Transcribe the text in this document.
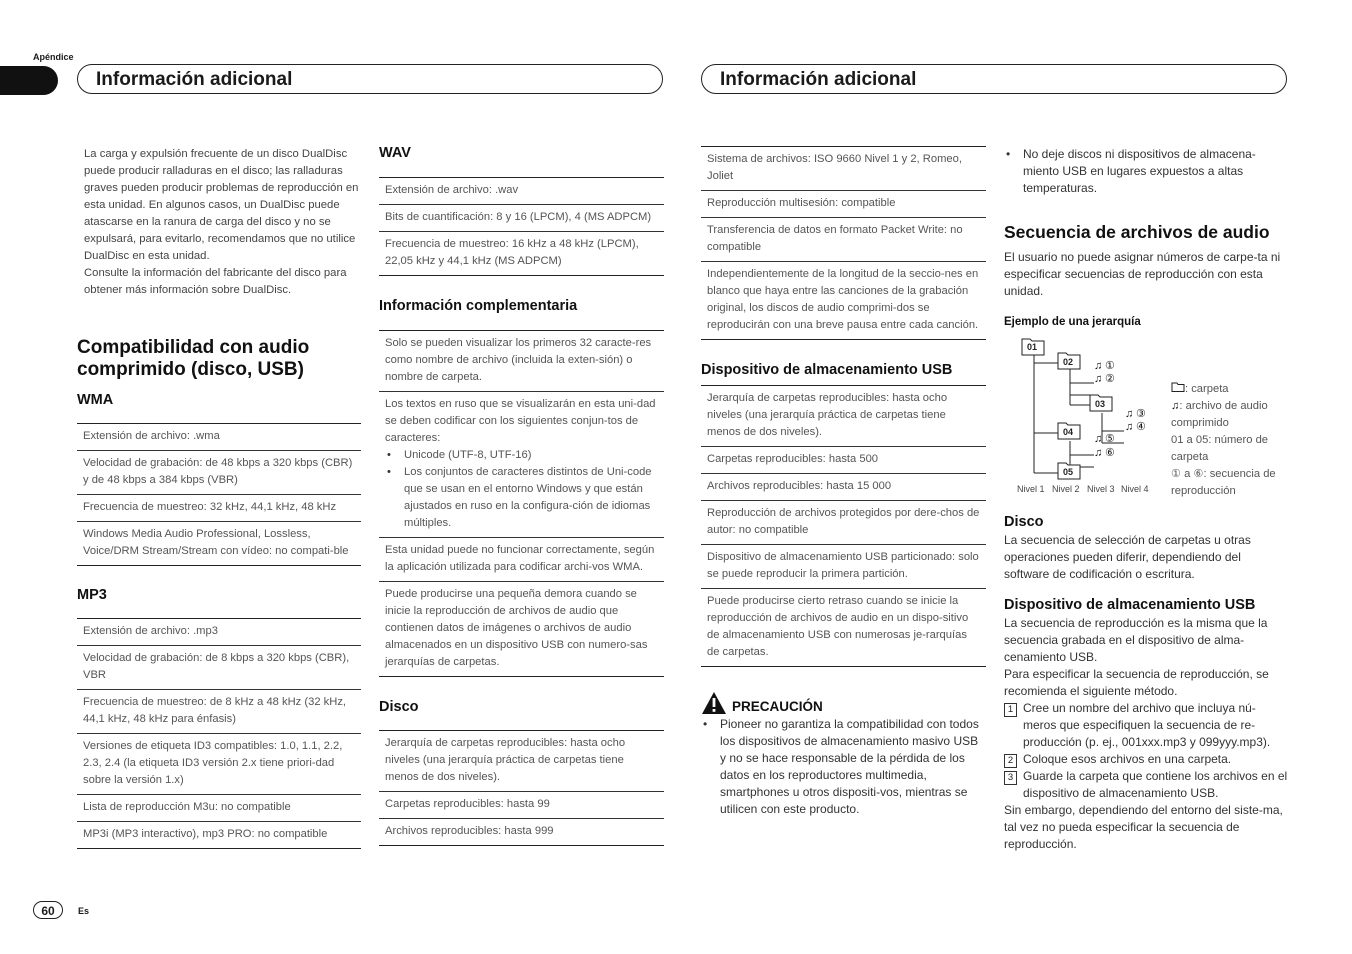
Apéndice
Información adicional	Información adicional

La carga y expulsión frecuente de un disco DualDisc puede producir ralladuras en el disco; las ralladuras graves pueden producir problemas de reproducción en esta unidad. En algunos casos, un DualDisc puede atascarse en la ranura de carga del disco y no se expulsará, para evitarlo, recomendamos que no utilice DualDisc en esta unidad.

Consulte la información del fabricante del disco para obtener más información sobre DualDisc.

Compatibilidad con audio comprimido (disco, USB)
WMA
Extensión de archivo: .wma
Velocidad de grabación: de 48 kbps a 320 kbps (CBR) y de 48 kbps a 384 kbps (VBR)
Frecuencia de muestreo: 32 kHz, 44,1 kHz, 48 kHz
Windows Media Audio Professional, Lossless, Voice/DRM Stream/Stream con vídeo: no compati-ble
MP3
Extensión de archivo: .mp3
Velocidad de grabación: de 8 kbps a 320 kbps (CBR), VBR
Frecuencia de muestreo: de 8 kHz a 48 kHz (32 kHz, 44,1 kHz, 48 kHz para énfasis)
Versiones de etiqueta ID3 compatibles: 1.0, 1.1, 2.2, 2.3, 2.4 (la etiqueta ID3 versión 2.x tiene priori-dad sobre la versión 1.x)
Lista de reproducción M3u: no compatible
MP3i (MP3 interactivo), mp3 PRO: no compatible
WAV
Extensión de archivo: .wav
Bits de cuantificación: 8 y 16 (LPCM), 4 (MS ADPCM)
Frecuencia de muestreo: 16 kHz a 48 kHz (LPCM), 22,05 kHz y 44,1 kHz (MS ADPCM)
Información complementaria
Solo se pueden visualizar los primeros 32 caracte-res como nombre de archivo (incluida la exten-sión) o nombre de carpeta.
Los textos en ruso que se visualizarán en esta uni-dad se deben codificar con los siguientes conjun-tos de caracteres:
• Unicode (UTF-8, UTF-16)
• Los conjuntos de caracteres distintos de Uni-code que se usan en el entorno Windows y que están ajustados en ruso en la configura-ción de idiomas múltiples.
Esta unidad puede no funcionar correctamente, según la aplicación utilizada para codificar archi-vos WMA.
Puede producirse una pequeña demora cuando se inicie la reproducción de archivos de audio que contienen datos de imágenes o archivos de audio almacenados en un dispositivo USB con numero-sas jerarquías de carpetas.
Disco
Jerarquía de carpetas reproducibles: hasta ocho niveles (una jerarquía práctica de carpetas tiene menos de dos niveles).
Carpetas reproducibles: hasta 99
Archivos reproducibles: hasta 999
Sistema de archivos: ISO 9660 Nivel 1 y 2, Romeo, Joliet
Reproducción multisesión: compatible
Transferencia de datos en formato Packet Write: no compatible
Independientemente de la longitud de la seccio-nes en blanco que haya entre las canciones de la grabación original, los discos de audio comprimi-dos se reproducirán con una breve pausa entre cada canción.
Dispositivo de almacenamiento USB
Jerarquía de carpetas reproducibles: hasta ocho niveles (una jerarquía práctica de carpetas tiene menos de dos niveles).
Carpetas reproducibles: hasta 500
Archivos reproducibles: hasta 15 000
Reproducción de archivos protegidos por dere-chos de autor: no compatible
Dispositivo de almacenamiento USB particionado: solo se puede reproducir la primera partición.
Puede producirse cierto retraso cuando se inicie la reproducción de archivos de audio en un dispo-sitivo de almacenamiento USB con numerosas je-rarquías de carpetas.
PRECAUCIÓN
• Pioneer no garantiza la compatibilidad con todos los dispositivos de almacenamiento masivo USB y no se hace responsable de la pérdida de los datos en los reproductores multimedia, smartphones u otros dispositi-vos, mientras se utilicen con este producto.
• No deje discos ni dispositivos de almacena-miento USB en lugares expuestos a altas temperaturas.
Secuencia de archivos de audio

El usuario no puede asignar números de carpe-ta ni especificar secuencias de reproducción con esta unidad.

Ejemplo de una jerarquía
01
02
03
04
05
♫ ①
♫ ②
♫ ③
♫ ④
♫ ⑤
♫ ⑥
Nivel 1 Nivel 2 Nivel 3 Nivel 4
: carpeta
♫: archivo de audio comprimido
01 a 05: número de carpeta
① a ⑥: secuencia de reproducción
Disco

La secuencia de selección de carpetas u otras operaciones pueden diferir, dependiendo del software de codificación o escritura.

Dispositivo de almacenamiento USB

La secuencia de reproducción es la misma que la secuencia grabada en el dispositivo de alma-cenamiento USB.

Para especificar la secuencia de reproducción, se recomienda el siguiente método.

1 Cree un nombre del archivo que incluya nú-meros que especifiquen la secuencia de re-producción (p. ej., 001xxx.mp3 y 099yyy.mp3).
2 Coloque esos archivos en una carpeta.
3 Guarde la carpeta que contiene los archivos en el dispositivo de almacenamiento USB.

Sin embargo, dependiendo del entorno del siste-ma, tal vez no pueda especificar la secuencia de reproducción.

60	Es
